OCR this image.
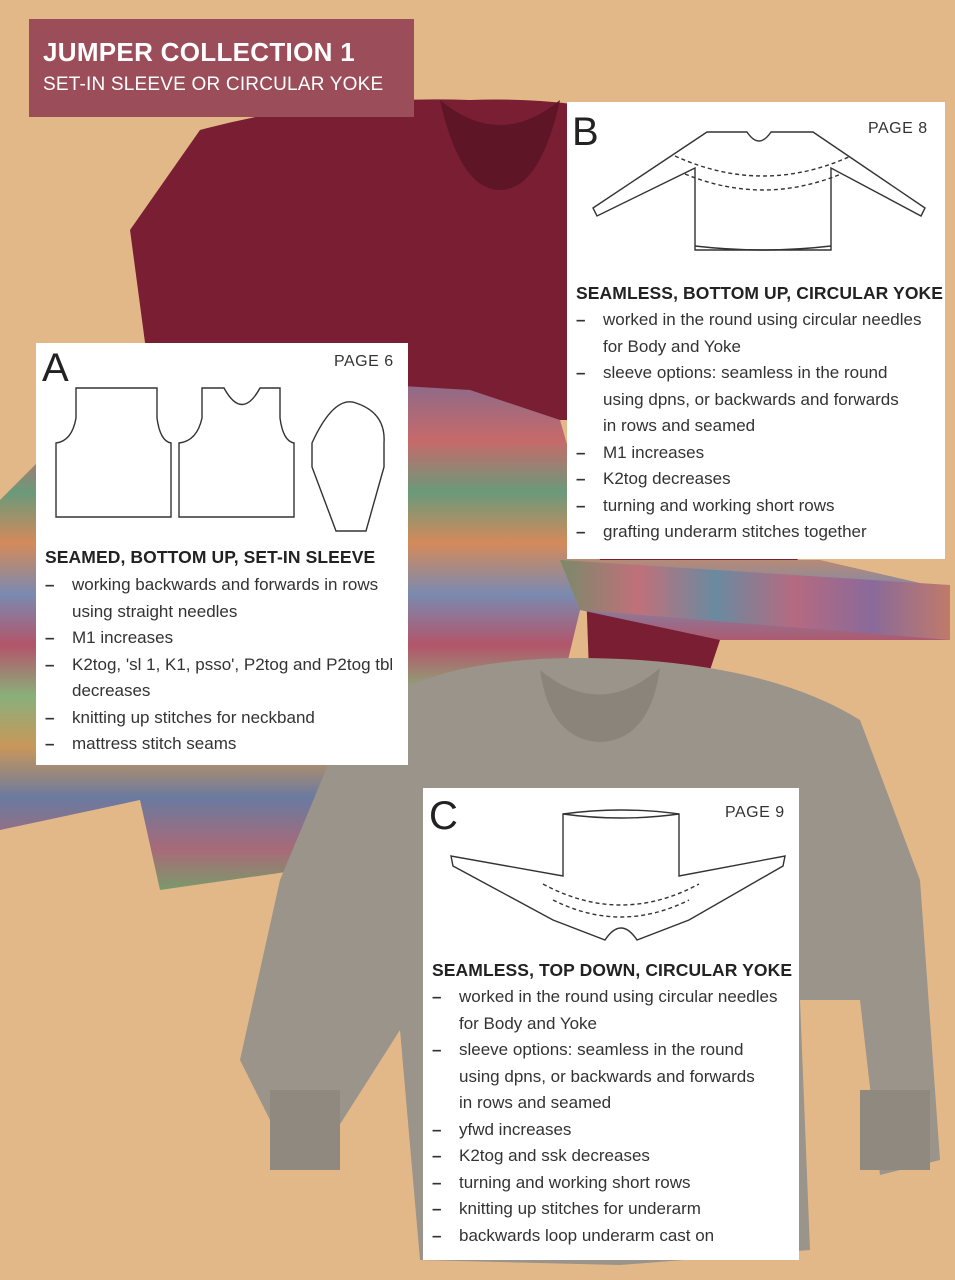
JUMPER COLLECTION 1
SET-IN SLEEVE OR CIRCULAR YOKE
A	PAGE 6
SEAMED, BOTTOM UP, SET-IN SLEEVE
– working backwards and forwards in rows
using straight needles
– M1 increases
– K2tog, 'sl 1, K1, psso', P2tog and P2tog tbl
decreases
– knitting up stitches for neckband
– mattress stitch seams
B	PAGE 8
SEAMLESS, BOTTOM UP, CIRCULAR YOKE
– worked in the round using circular needles
for Body and Yoke
– sleeve options: seamless in the round
using dpns, or backwards and forwards
in rows and seamed
– M1 increases
– K2tog decreases
– turning and working short rows
– grafting underarm stitches together
C	PAGE 9
SEAMLESS, TOP DOWN, CIRCULAR YOKE
– worked in the round using circular needles
for Body and Yoke
– sleeve options: seamless in the round
using dpns, or backwards and forwards
in rows and seamed
– yfwd increases
– K2tog and ssk decreases
– turning and working short rows
– knitting up stitches for underarm
– backwards loop underarm cast on
